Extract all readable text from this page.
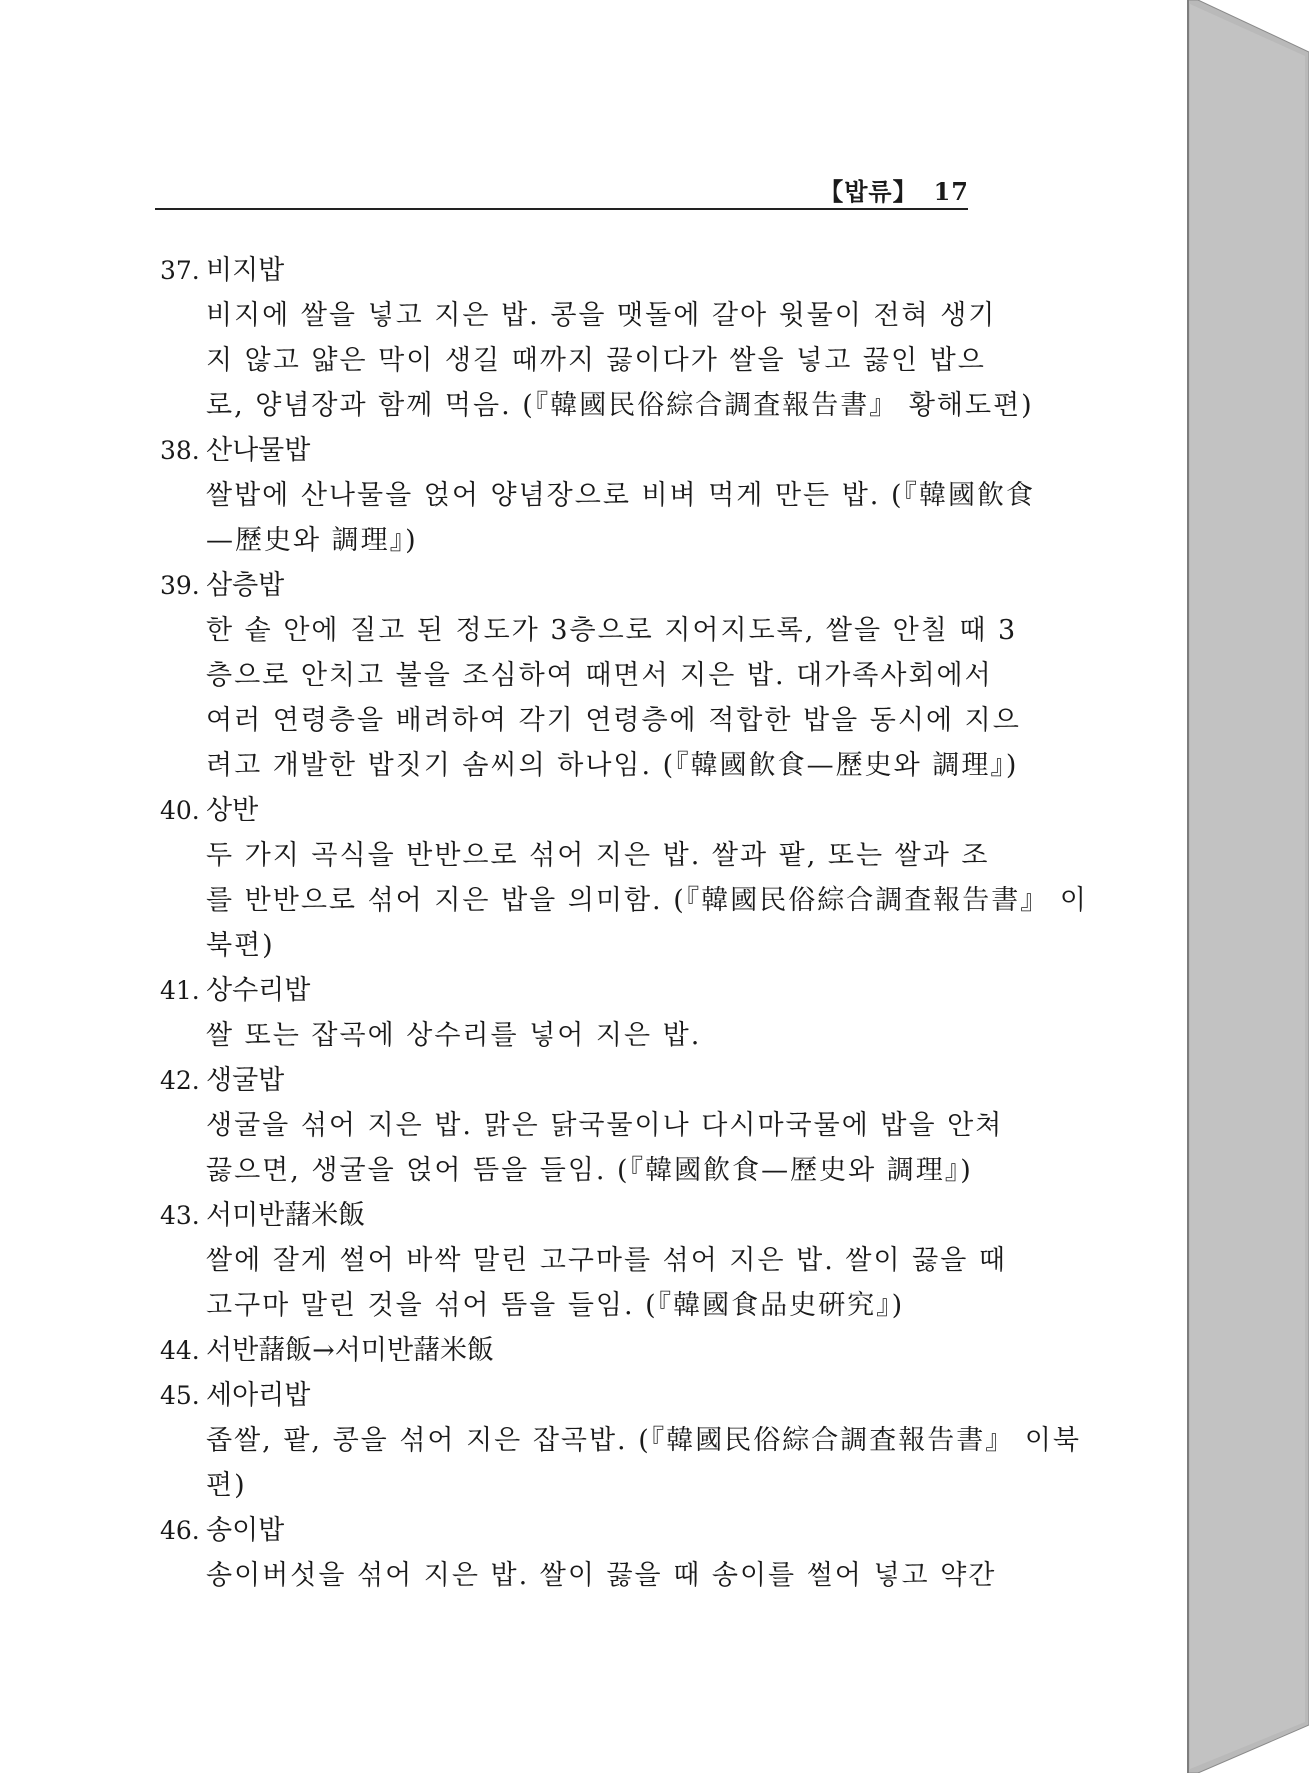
【밥류】 17
37. 비지밥
비지에 쌀을 넣고 지은 밥. 콩을 맷돌에 갈아 윗물이 전혀 생기
지 않고 얇은 막이 생길 때까지 끓이다가 쌀을 넣고 끓인 밥으
로, 양념장과 함께 먹음. (『韓國民俗綜合調査報告書』 황해도편)
38. 산나물밥
쌀밥에 산나물을 얹어 양념장으로 비벼 먹게 만든 밥. (『韓國飮食
—歷史와 調理』)
39. 삼층밥
한 솥 안에 질고 된 정도가 3층으로 지어지도록, 쌀을 안칠 때 3
층으로 안치고 불을 조심하여 때면서 지은 밥. 대가족사회에서
여러 연령층을 배려하여 각기 연령층에 적합한 밥을 동시에 지으
려고 개발한 밥짓기 솜씨의 하나임. (『韓國飮食—歷史와 調理』)
40. 상반
두 가지 곡식을 반반으로 섞어 지은 밥. 쌀과 팥, 또는 쌀과 조
를 반반으로 섞어 지은 밥을 의미함. (『韓國民俗綜合調査報告書』 이
북편)
41. 상수리밥
쌀 또는 잡곡에 상수리를 넣어 지은 밥.
42. 생굴밥
생굴을 섞어 지은 밥. 맑은 닭국물이나 다시마국물에 밥을 안쳐
끓으면, 생굴을 얹어 뜸을 들임. (『韓國飮食—歷史와 調理』)
43. 서미반藷米飯
쌀에 잘게 썰어 바싹 말린 고구마를 섞어 지은 밥. 쌀이 끓을 때
고구마 말린 것을 섞어 뜸을 들임. (『韓國食品史硏究』)
44. 서반藷飯→서미반藷米飯
45. 세아리밥
좁쌀, 팥, 콩을 섞어 지은 잡곡밥. (『韓國民俗綜合調査報告書』 이북
편)
46. 송이밥
송이버섯을 섞어 지은 밥. 쌀이 끓을 때 송이를 썰어 넣고 약간
